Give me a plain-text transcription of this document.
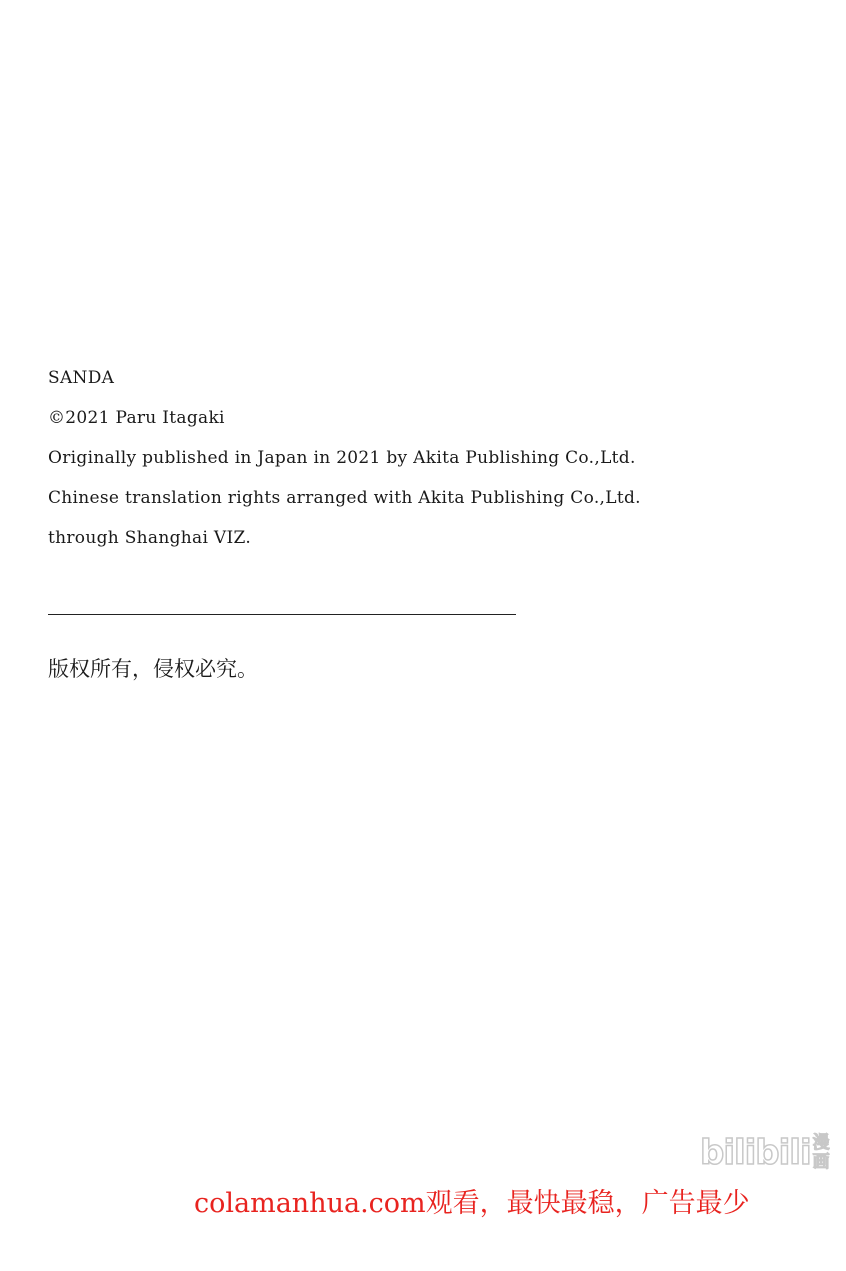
SANDA
©2021 Paru Itagaki
Originally published in Japan in 2021 by Akita Publishing Co.,Ltd.
Chinese translation rights arranged with Akita Publishing Co.,Ltd.
through Shanghai VIZ.
版权所有，侵权必究。
bilibili 漫
画
colamanhua.com观看，最快最稳，广告最少
